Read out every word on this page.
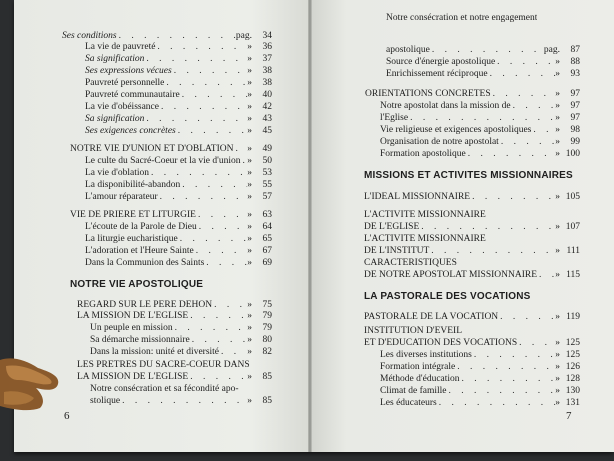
Ses conditions . . .	pag.	34
La vie de pauvreté . . .	»	36
Sa signification . . .	»	37
Ses expressions vécues . . .	»	38
Pauvreté personnelle . . .	»	38
Pauvreté communautaire . . .	»	40
La vie d'obéissance . . .	»	42
Sa signification . . .	»	43
Ses exigences concrètes . . .	»	45
NOTRE VIE D'UNION ET D'OBLATION . . . »	49
Le culte du Sacré-Coeur et la vie d'union . . . »	50
La vie d'oblation . . .	»	53
La disponibilité-abandon . . .	»	55
L'amour réparateur . . .	»	57
VIE DE PRIERE ET LITURGIE . . .	»	63
L'écoute de la Parole de Dieu . . .	»	64
La liturgie eucharistique . . .	»	65
L'adoration et l'Heure Sainte . . .	»	67
Dans la Communion des Saints . . .	»	69
NOTRE VIE APOSTOLIQUE
REGARD SUR LE PERE DEHON . . .	»	75
LA MISSION DE L'EGLISE . . .	»	79
Un peuple en mission . . .	»	79
Sa démarche missionnaire . . .	»	80
Dans la mission: unité et diversité . . .	»	82
LES PRETRES DU SACRE-COEUR DANS
LA MISSION DE L'EGLISE . . .	»	85
Notre consécration et sa fécondité apo-
stolique . . .	»	85
Notre consécration et notre engagement
apostolique . . .	pag.	87
Source d'énergie apostolique . . .	»	88
Enrichissement réciproque . . .	»	93
ORIENTATIONS CONCRETES . . .	»	97
Notre apostolat dans la mission de . . .	»	97
l'Eglise . . .	»	97
Vie religieuse et exigences apostoliques . . .	»	98
Organisation de notre apostolat . . .	»	99
Formation apostolique . . .	» 100
MISSIONS ET ACTIVITES MISSIONNAIRES
L'IDEAL MISSIONNAIRE . . .	» 105
L'ACTIVITE MISSIONNAIRE
DE L'EGLISE . . .	» 107
L'ACTIVITE MISSIONNAIRE
DE L'INSTITUT . . .	» 111
CARACTERISTIQUES
DE NOTRE APOSTOLAT MISSIONNAIRE . . . » 115
LA PASTORALE DES VOCATIONS
PASTORALE DE LA VOCATION . . .	» 119
INSTITUTION D'EVEIL
ET D'EDUCATION DES VOCATIONS . . .	» 125
Les diverses institutions . . .	» 125
Formation intégrale . . .	» 126
Méthode d'éducation . . .	» 128
Climat de famille . . .	» 130
Les éducateurs . . .	» 131
6	7
